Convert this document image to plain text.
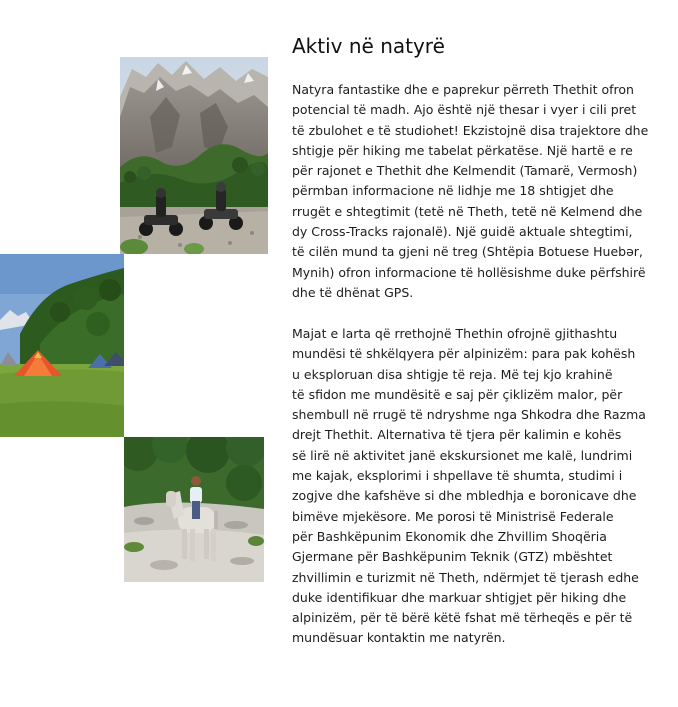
Aktiv në natyrë

Natyra fantastike dhe e paprekur përreth Thethit ofron
potencial të madh. Ajo është një thesar i vyer i cili pret
të zbulohet e të studiohet! Ekzistojnë disa trajektore dhe
shtigje për hiking me tabelat përkatëse. Një hartë e re
për rajonet e Thethit dhe Kelmendit (Tamarë, Vermosh)
përmban informacione në lidhje me 18 shtigjet dhe
rrugët e shtegtimit (tetë në Theth, tetë në Kelmend dhe
dy Cross-Tracks rajonalë). Një guidë aktuale shtegtimi,
të cilën mund ta gjeni në treg (Shtëpia Botuese Huebər,
Mynih) ofron informacione të hollësishme duke përfshirë
dhe të dhënat GPS.

Majat e larta që rrethojnë Thethin ofrojnë gjithashtu
mundësi të shkëlqyera për alpinizëm: para pak kohësh
u eksploruan disa shtigje të reja. Më tej kjo krahinë
të sfidon me mundësitë e saj për çiklizëm malor, për
shembull në rrugë të ndryshme nga Shkodra dhe Razma
drejt Thethit. Alternativa të tjera për kalimin e kohës
së lirë në aktivitet janë ekskursionet me kalë, lundrimi
me kajak, eksplorimi i shpellave të shumta, studimi i
zogjve dhe kafshëve si dhe mbledhja e boronicave dhe
bimëve mjekësore. Me porosi të Ministrisë Federale
për Bashkëpunim Ekonomik dhe Zhvillim Shoqëria
Gjermane për Bashkëpunim Teknik (GTZ) mbështet
zhvillimin e turizmit në Theth, ndërmjet të tjerash edhe
duke identifikuar dhe markuar shtigjet për hiking dhe
alpinizëm, për të bërë këtë fshat më tërheqës e për të
mundësuar kontaktin me natyrën.
